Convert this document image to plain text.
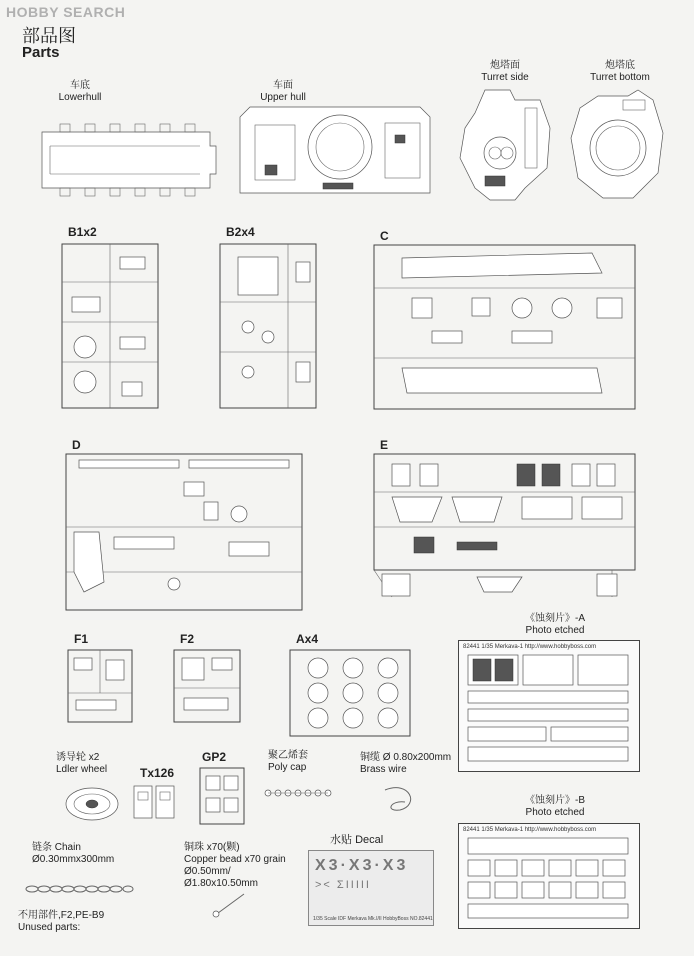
HOBBY SEARCH
部品图
Parts
车底
Lowerhull
车面
Upper hull
炮塔面
Turret side
炮塔底
Turret bottom
B1x2	B2x4	C
D	E
F1	F2	Ax4
GP2
Tx126
《蚀刻片》-A
Photo etched
82441 1/35 Merkava-1 http://www.hobbyboss.com
《蚀刻片》-B
Photo etched
82441 1/35 Merkava-1 http://www.hobbyboss.com
诱导轮 x2
Ldler wheel
聚乙烯套
Poly cap
铜缆 Ø 0.80x200mm
Brass wire
链条 Chain
Ø0.30mmx300mm
铜珠 x70(颗)
Copper bead x70 grain
Ø0.50mm/Ø1.80x10.50mm
水贴 Decal
X3·X3·X3
>< ΣΙΙΙΙΙ
1/35 Scale IDF Merkava Mk.I/II HobbyBoss NO.82441
不用部件,F2,PE-B9
Unused parts:
